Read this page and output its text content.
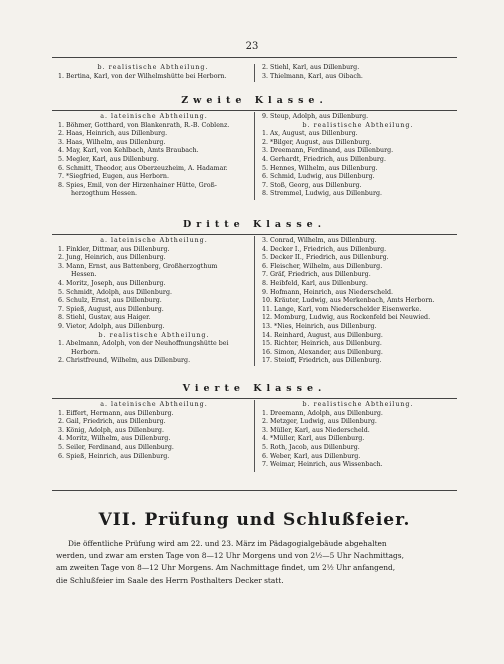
23
b. realistische Abtheilung.
1. Bertina, Karl, von der Wilhelmshütte bei Herborn.
2. Stiehl, Karl, aus Dillenburg.
3. Thielmann, Karl, aus Oibach.
Zweite Klasse.
a. lateinische Abtheilung.
1. Böhmer, Gotthard, von Blankenrath, R.-B. Coblenz.
2. Haas, Heinrich, aus Dillenburg.
3. Haas, Wilhelm, aus Dillenburg.
4. May, Karl, von Kehlbach, Amts Braubach.
5. Megler, Karl, aus Dillenburg.
6. Schmitt, Theodor, aus Oberzeuzheim, A. Hadamar.
7. *Siegfried, Eugen, aus Herborn.
8. Spies, Emil, von der Hirzenhainer Hütte, Groß-
herzogthum Hessen.
9. Steup, Adolph, aus Dillenburg.
b. realistische Abtheilung.
1. Ax, August, aus Dillenburg.
2. *Bilger, August, aus Dillenburg.
3. Dreemann, Ferdinand, aus Dillenburg.
4. Gerhardt, Friedrich, aus Dillenburg.
5. Hennes, Wilhelm, aus Dillenburg.
6. Schmid, Ludwig, aus Dillenburg.
7. Stoß, Georg, aus Dillenburg.
8. Stremmel, Ludwig, aus Dillenburg.
Dritte Klasse.
a. lateinische Abtheilung.
1. Finkler, Dittmar, aus Dillenburg.
2. Jung, Heinrich, aus Dillenburg.
3. Mann, Ernst, aus Battenberg, Großherzogthum
Hessen.
4. Moritz, Joseph, aus Dillenburg.
5. Schmidt, Adolph, aus Dillenburg.
6. Schulz, Ernst, aus Dillenburg.
7. Spieß, August, aus Dillenburg.
8. Stiehl, Gustav, aus Haiger.
9. Vietor, Adolph, aus Dillenburg.
b. realistische Abtheilung.
1. Abelmann, Adolph, von der Neuhoffnungshütte bei
Herborn.
2. Christfreund, Wilhelm, aus Dillenburg.
3. Conrad, Wilhelm, aus Dillenburg.
4. Decker I., Friedrich, aus Dillenburg.
5. Decker II., Friedrich, aus Dillenburg.
6. Fleischer, Wilhelm, aus Dillenburg.
7. Gräf, Friedrich, aus Dillenburg.
8. Heibfeld, Karl, aus Dillenburg.
9. Hofmann, Heinrich, aus Niederscheld.
10. Kräuter, Ludwig, aus Merkenbach, Amts Herborn.
11. Lange, Karl, vom Niederschelder Eisenwerke.
12. Momburg, Ludwig, aus Rockenfeld bei Neuwied.
13. *Nies, Heinrich, aus Dillenburg.
14. Reinhard, August, aus Dillenburg.
15. Richter, Heinrich, aus Dillenburg.
16. Simon, Alexander, aus Dillenburg.
17. Steioff, Friedrich, aus Dillenburg.
Vierte Klasse.
a. lateinische Abtheilung.
1. Eiffert, Hermann, aus Dillenburg.
2. Gail, Friedrich, aus Dillenburg.
3. König, Adolph, aus Dillenburg.
4. Moritz, Wilhelm, aus Dillenburg.
5. Seiler, Ferdinand, aus Dillenburg.
6. Spieß, Heinrich, aus Dillenburg.
b. realistische Abtheilung.
1. Dreemann, Adolph, aus Dillenburg.
2. Metzger, Ludwig, aus Dillenburg.
3. Müller, Karl, aus Niederscheld.
4. *Müller, Karl, aus Dillenburg.
5. Roth, Jacob, aus Dillenburg.
6. Weber, Karl, aus Dillenburg.
7. Weimar, Heinrich, aus Wissenbach.
VII. Prüfung und Schlußfeier.
Die öffentliche Prüfung wird am 22. und 23. März im Pädagogialgebäude abgehalten
werden, und zwar am ersten Tage von 8—12 Uhr Morgens und von 2½—5 Uhr Nachmittags,
am zweiten Tage von 8—12 Uhr Morgens. Am Nachmittage findet, um 2½ Uhr anfangend,
die Schlußfeier im Saale des Herrn Posthalters Decker statt.
